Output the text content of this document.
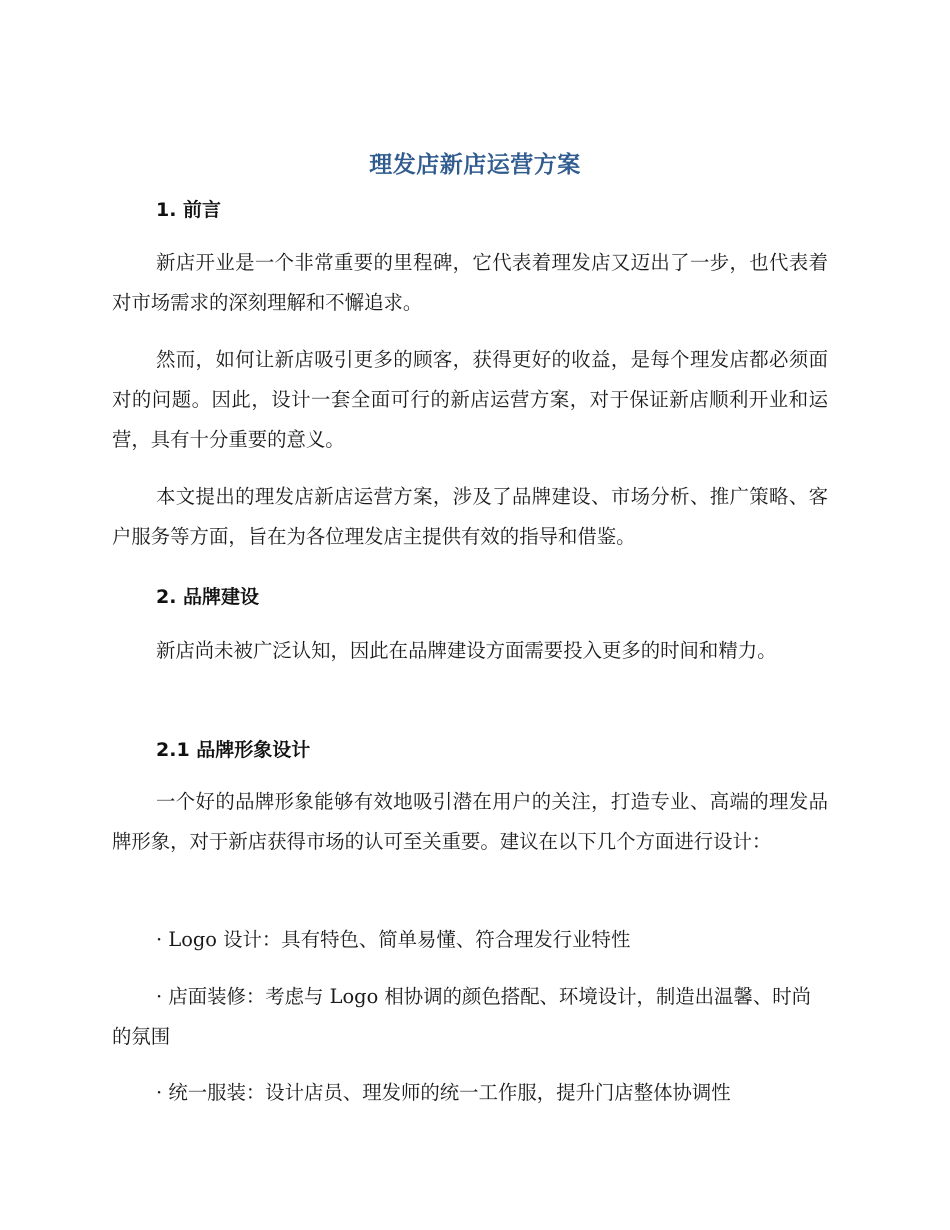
理发店新店运营方案
1. 前言

新店开业是一个非常重要的里程碑，它代表着理发店又迈出了一步，也代表着对市场需求的深刻理解和不懈追求。

然而，如何让新店吸引更多的顾客，获得更好的收益，是每个理发店都必须面对的问题。因此，设计一套全面可行的新店运营方案，对于保证新店顺利开业和运营，具有十分重要的意义。

本文提出的理发店新店运营方案，涉及了品牌建设、市场分析、推广策略、客户服务等方面，旨在为各位理发店主提供有效的指导和借鉴。

2. 品牌建设

新店尚未被广泛认知，因此在品牌建设方面需要投入更多的时间和精力。

2.1 品牌形象设计

一个好的品牌形象能够有效地吸引潜在用户的关注，打造专业、高端的理发品牌形象，对于新店获得市场的认可至关重要。建议在以下几个方面进行设计：

· Logo 设计：具有特色、简单易懂、符合理发行业特性

· 店面装修：考虑与 Logo 相协调的颜色搭配、环境设计，制造出温馨、时尚的氛围

· 统一服装：设计店员、理发师的统一工作服，提升门店整体协调性
